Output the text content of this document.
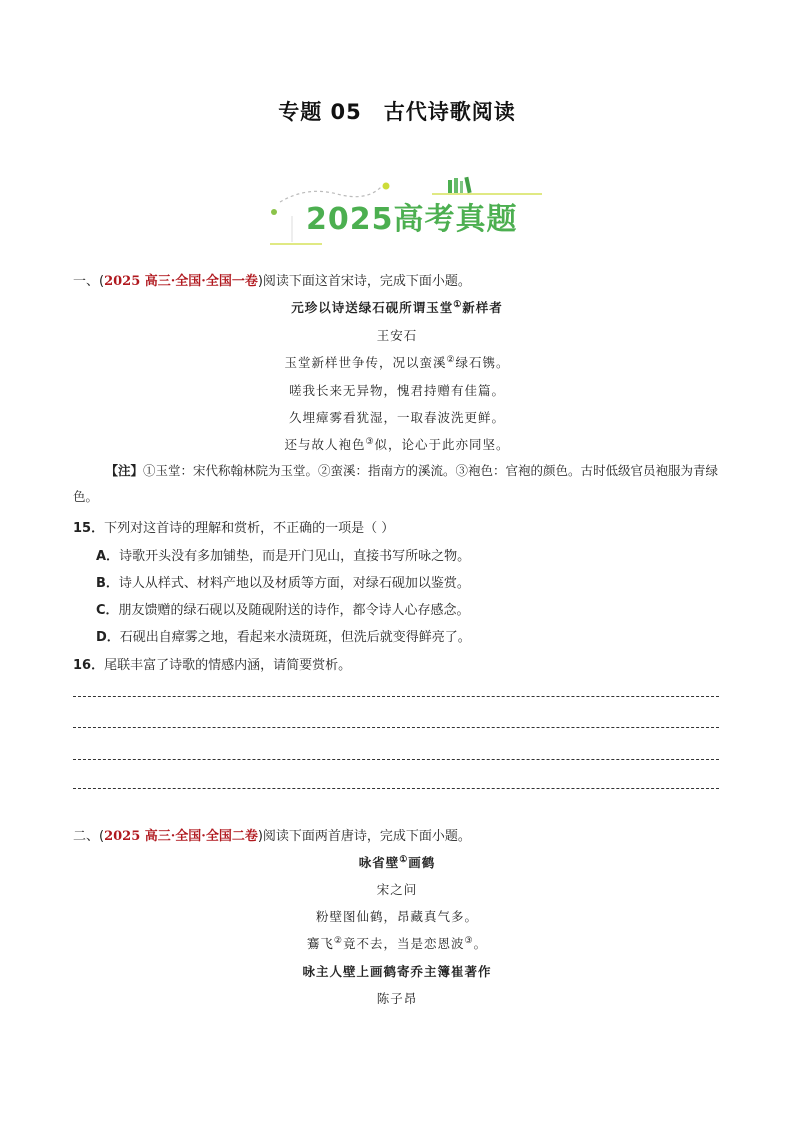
专题 05 古代诗歌阅读
2025高考真题
一、(2025 高三·全国·全国一卷)阅读下面这首宋诗，完成下面小题。
元珍以诗送绿石砚所谓玉堂①新样者
王安石
玉堂新样世争传，况以蛮溪②绿石镌。
嗟我长来无异物，愧君持赠有佳篇。
久埋瘴雾看犹湿，一取春波洗更鲜。
还与故人袍色③似，论心于此亦同坚。
【注】①玉堂：宋代称翰林院为玉堂。②蛮溪：指南方的溪流。③袍色：官袍的颜色。古时低级官员袍服为青绿色。
15．下列对这首诗的理解和赏析，不正确的一项是（ ）
A．诗歌开头没有多加铺垫，而是开门见山，直接书写所咏之物。
B．诗人从样式、材料产地以及材质等方面，对绿石砚加以鉴赏。
C．朋友馈赠的绿石砚以及随砚附送的诗作，都令诗人心存感念。
D．石砚出自瘴雾之地，看起来水渍斑斑，但洗后就变得鲜亮了。
16．尾联丰富了诗歌的情感内涵，请简要赏析。
二、(2025 高三·全国·全国二卷)阅读下面两首唐诗，完成下面小题。
咏省壁①画鹤
宋之问
粉壁图仙鹤，昂藏真气多。
鶱飞②竟不去，当是恋恩波③。
咏主人壁上画鹤寄乔主簿崔著作
陈子昂
